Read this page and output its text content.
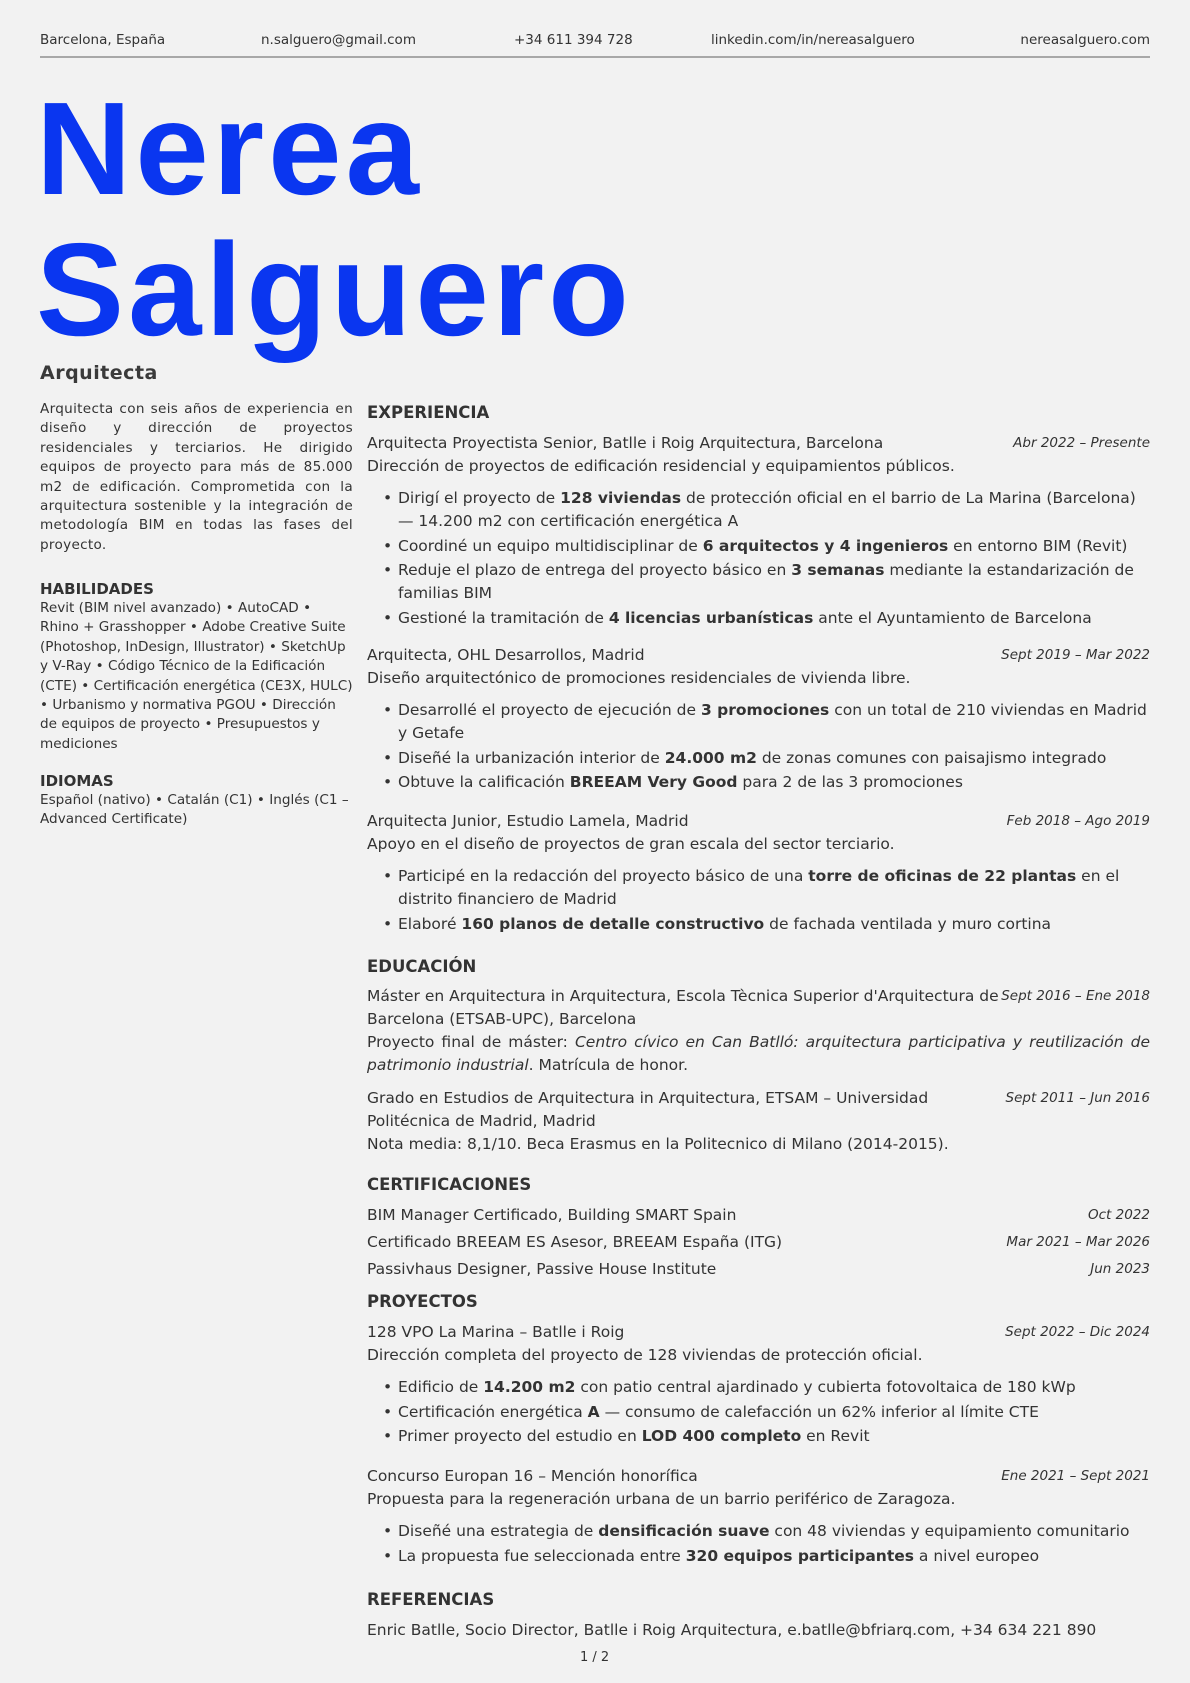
Barcelona, España	n.salguero@gmail.com	+34 611 394 728	linkedin.com/in/nereasalguero	nereasalguero.com
Nerea
Salguero
Arquitecta
Arquitecta con seis años de experiencia en diseño y dirección de proyectos residenciales y terciarios. He dirigido equipos de proyecto para más de 85.000 m2 de edificación. Comprometida con la arquitectura sostenible y la integración de metodología BIM en todas las fases del proyecto.
HABILIDADES
Revit (BIM nivel avanzado) • AutoCAD • Rhino + Grasshopper • Adobe Creative Suite (Photoshop, InDesign, Illustrator) • SketchUp y V-Ray • Código Técnico de la Edificación (CTE) • Certificación energética (CE3X, HULC) • Urbanismo y normativa PGOU • Dirección de equipos de proyecto • Presupuestos y mediciones
IDIOMAS
Español (nativo) • Catalán (C1) • Inglés (C1 – Advanced Certificate)
EXPERIENCIA
Arquitecta Proyectista Senior, Batlle i Roig Arquitectura, Barcelona	Abr 2022 – Presente
Dirección de proyectos de edificación residencial y equipamientos públicos.
• Dirigí el proyecto de 128 viviendas de protección oficial en el barrio de La Marina (Barcelona) — 14.200 m2 con certificación energética A
• Coordiné un equipo multidisciplinar de 6 arquitectos y 4 ingenieros en entorno BIM (Revit)
• Reduje el plazo de entrega del proyecto básico en 3 semanas mediante la estandarización de familias BIM
• Gestioné la tramitación de 4 licencias urbanísticas ante el Ayuntamiento de Barcelona
Arquitecta, OHL Desarrollos, Madrid	Sept 2019 – Mar 2022
Diseño arquitectónico de promociones residenciales de vivienda libre.
• Desarrollé el proyecto de ejecución de 3 promociones con un total de 210 viviendas en Madrid y Getafe
• Diseñé la urbanización interior de 24.000 m2 de zonas comunes con paisajismo integrado
• Obtuve la calificación BREEAM Very Good para 2 de las 3 promociones
Arquitecta Junior, Estudio Lamela, Madrid	Feb 2018 – Ago 2019
Apoyo en el diseño de proyectos de gran escala del sector terciario.
• Participé en la redacción del proyecto básico de una torre de oficinas de 22 plantas en el distrito financiero de Madrid
• Elaboré 160 planos de detalle constructivo de fachada ventilada y muro cortina
EDUCACIÓN
Máster en Arquitectura in Arquitectura, Escola Tècnica Superior d'Arquitectura de Barcelona (ETSAB-UPC), Barcelona
Sept 2016 – Ene 2018
Proyecto final de máster: Centro cívico en Can Batlló: arquitectura participativa y reutilización de patrimonio industrial. Matrícula de honor.
Grado en Estudios de Arquitectura in Arquitectura, ETSAM – Universidad Politécnica de Madrid, Madrid
Sept 2011 – Jun 2016
Nota media: 8,1/10. Beca Erasmus en la Politecnico di Milano (2014-2015).
CERTIFICACIONES
BIM Manager Certificado, Building SMART Spain	Oct 2022
Certificado BREEAM ES Asesor, BREEAM España (ITG)	Mar 2021 – Mar 2026
Passivhaus Designer, Passive House Institute	Jun 2023
PROYECTOS
128 VPO La Marina – Batlle i Roig	Sept 2022 – Dic 2024
Dirección completa del proyecto de 128 viviendas de protección oficial.
• Edificio de 14.200 m2 con patio central ajardinado y cubierta fotovoltaica de 180 kWp
• Certificación energética A — consumo de calefacción un 62% inferior al límite CTE
• Primer proyecto del estudio en LOD 400 completo en Revit
Concurso Europan 16 – Mención honorífica	Ene 2021 – Sept 2021
Propuesta para la regeneración urbana de un barrio periférico de Zaragoza.
• Diseñé una estrategia de densificación suave con 48 viviendas y equipamiento comunitario
• La propuesta fue seleccionada entre 320 equipos participantes a nivel europeo
REFERENCIAS
Enric Batlle, Socio Director, Batlle i Roig Arquitectura, e.batlle@bfriarq.com, +34 634 221 890
1 / 2
